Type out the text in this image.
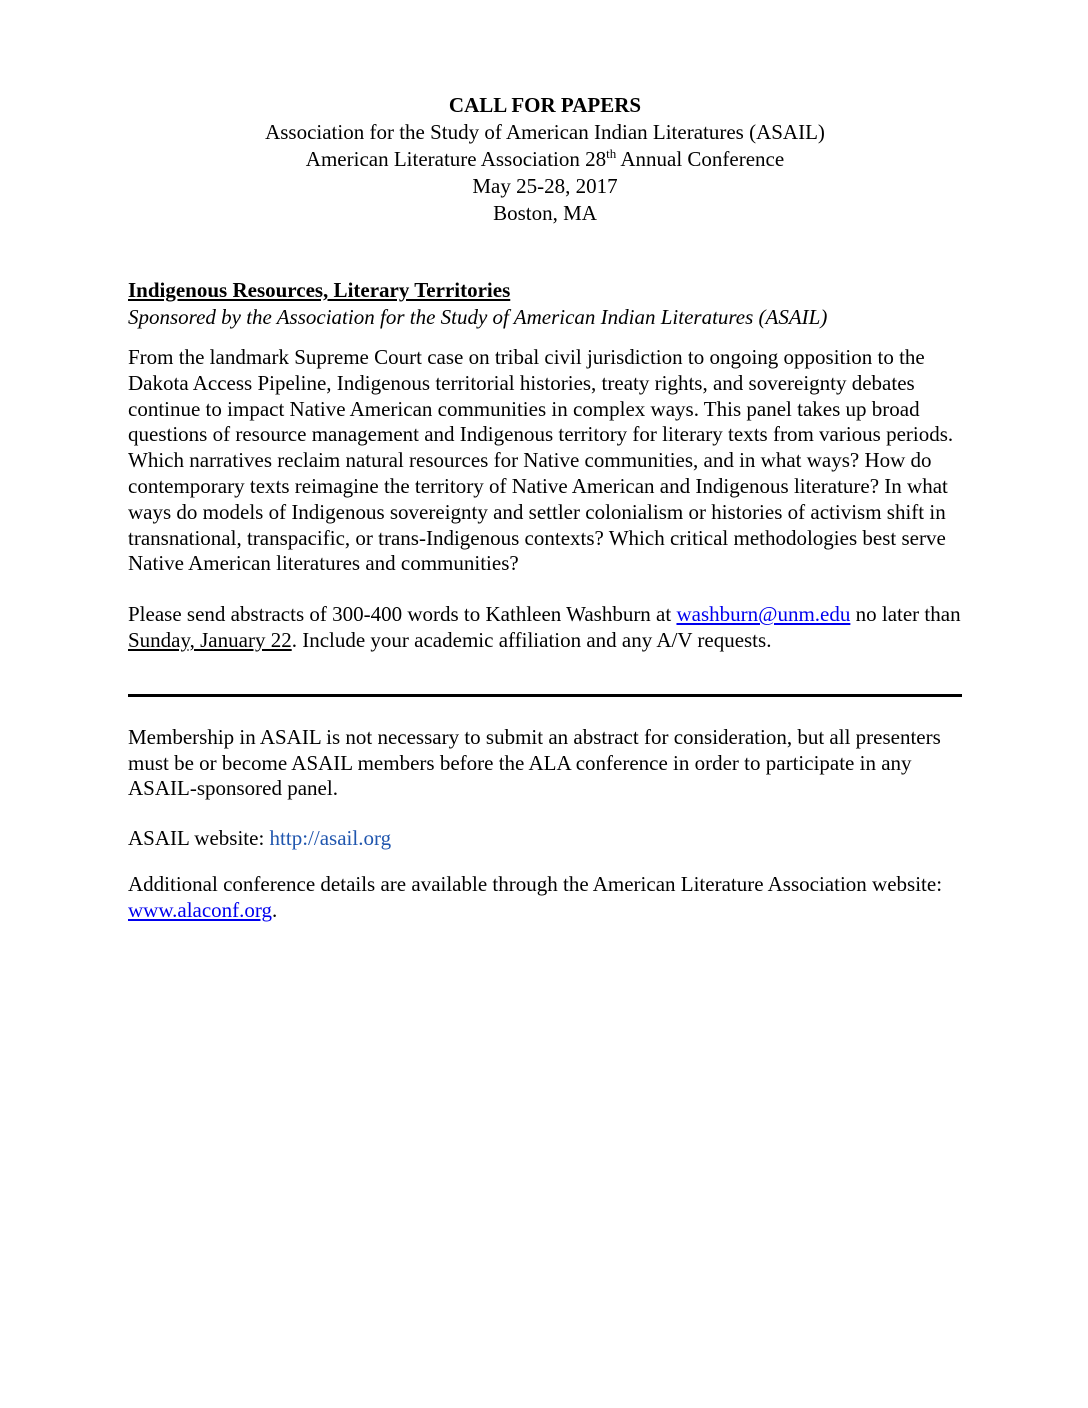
CALL FOR PAPERS
Association for the Study of American Indian Literatures (ASAIL)
American Literature Association 28th Annual Conference
May 25-28, 2017
Boston, MA
Indigenous Resources, Literary Territories
Sponsored by the Association for the Study of American Indian Literatures (ASAIL)

From the landmark Supreme Court case on tribal civil jurisdiction to ongoing opposition to the Dakota Access Pipeline, Indigenous territorial histories, treaty rights, and sovereignty debates continue to impact Native American communities in complex ways. This panel takes up broad questions of resource management and Indigenous territory for literary texts from various periods. Which narratives reclaim natural resources for Native communities, and in what ways? How do contemporary texts reimagine the territory of Native American and Indigenous literature? In what ways do models of Indigenous sovereignty and settler colonialism or histories of activism shift in transnational, transpacific, or trans-Indigenous contexts? Which critical methodologies best serve Native American literatures and communities?

Please send abstracts of 300-400 words to Kathleen Washburn at washburn@unm.edu no later than Sunday, January 22. Include your academic affiliation and any A/V requests.

Membership in ASAIL is not necessary to submit an abstract for consideration, but all presenters must be or become ASAIL members before the ALA conference in order to participate in any ASAIL-sponsored panel.

ASAIL website: http://asail.org

Additional conference details are available through the American Literature Association website: www.alaconf.org.
